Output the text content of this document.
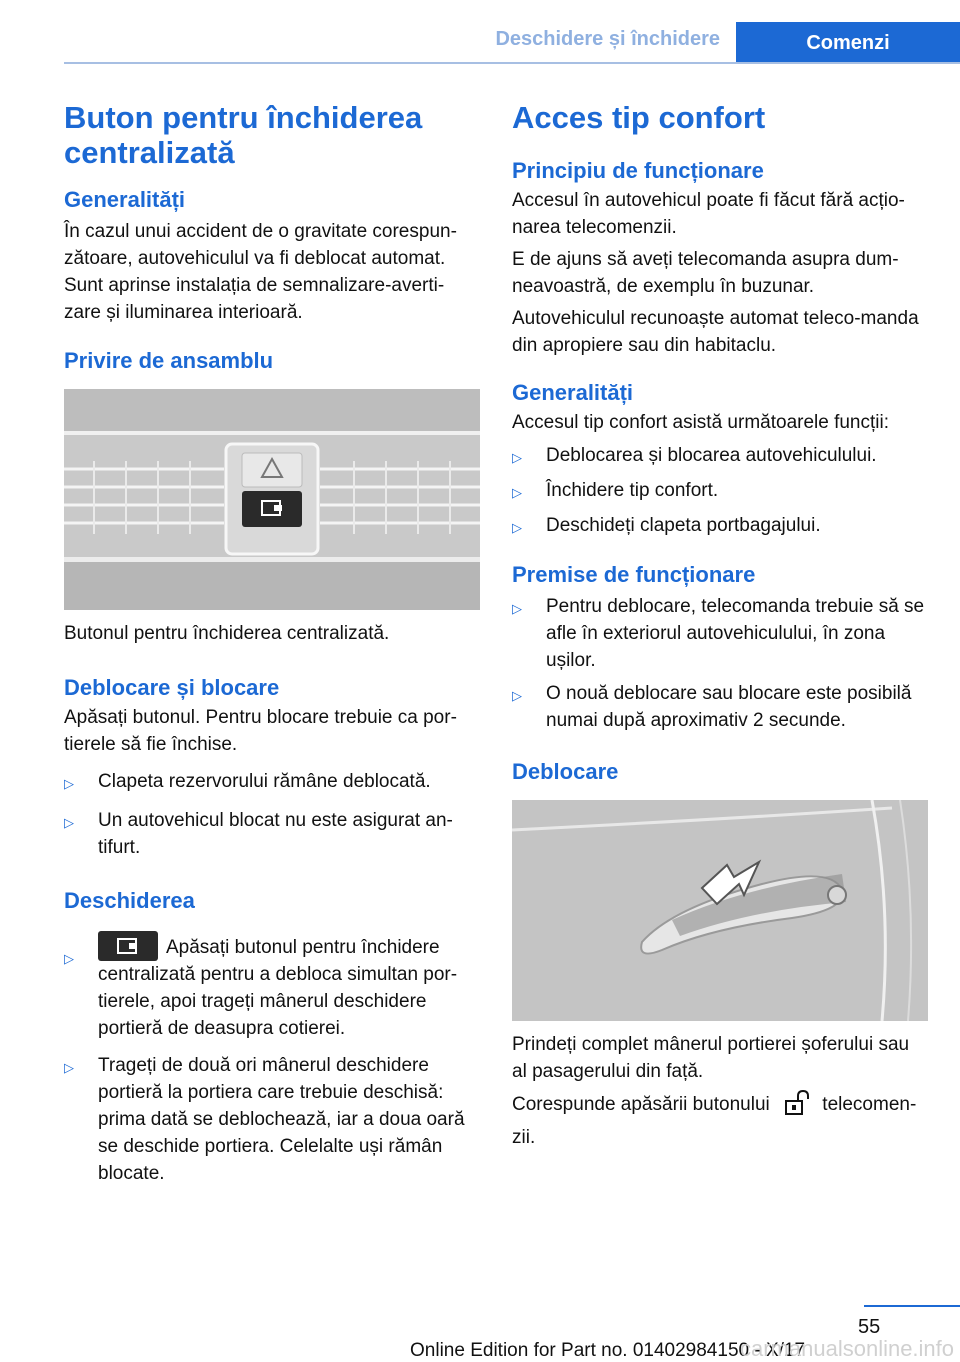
Deschidere și închidere	Comenzi
Buton pentru închiderea centralizată
Generalități

În cazul unui accident de o gravitate corespun-zătoare, autovehiculul va fi deblocat automat. Sunt aprinse instalația de semnalizare-averti-zare și iluminarea interioară.

Privire de ansamblu

Butonul pentru închiderea centralizată.

Deblocare și blocare

Apăsați butonul. Pentru blocare trebuie ca por-tierele să fie închise.

▷	Clapeta rezervorului rămâne deblocată.
▷	Un autovehicul blocat nu este asigurat an-tifurt.
Deschiderea
▷
Apăsați butonul pentru închidere centralizată pentru a debloca simultan por-tierele, apoi trageți mânerul deschidere portieră de deasupra cotierei.
▷	Trageți de două ori mânerul deschidere portieră la portiera care trebuie deschisă: prima dată se deblochează, iar a doua oară se deschide portiera. Celelalte uși rămân blocate.
Acces tip confort
Principiu de funcționare

Accesul în autovehicul poate fi făcut fără acțio-narea telecomenzii.

E de ajuns să aveți telecomanda asupra dum-neavoastră, de exemplu în buzunar.

Autovehiculul recunoaște automat teleco-manda din apropiere sau din habitaclu.

Generalități

Accesul tip confort asistă următoarele funcții:

▷	Deblocarea și blocarea autovehiculului.
▷	Închidere tip confort.
▷	Deschideți clapeta portbagajului.
Premise de funcționare
▷	Pentru deblocare, telecomanda trebuie să se afle în exteriorul autovehiculului, în zona ușilor.
▷	O nouă deblocare sau blocare este posibilă numai după aproximativ 2 secunde.
Deblocare

Prindeți complet mânerul portierei șoferului sau al pasagerului din față.

Corespunde apăsării butonului	telecomen-zii.

55
Online Edition for Part no. 01402984150 - X/17
carmanualsonline.info
